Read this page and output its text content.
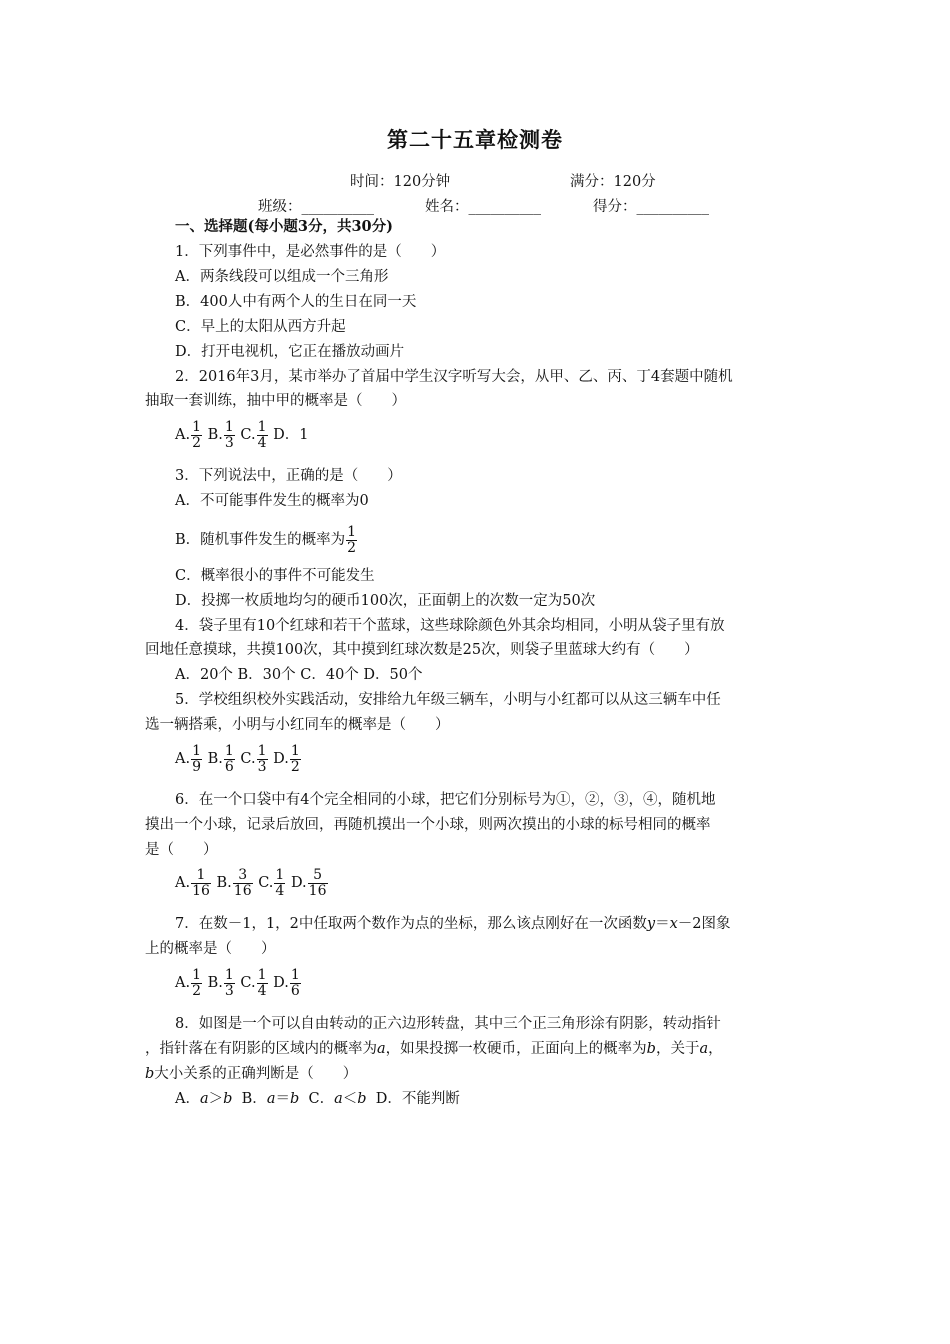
第二十五章检测卷
时间：120分钟	满分：120分
班级：__________	姓名：__________	得分：__________
一、选择题(每小题3分，共30分)
1．下列事件中，是必然事件的是（　　）
A．两条线段可以组成一个三角形
B．400人中有两个人的生日在同一天
C．早上的太阳从西方升起
D．打开电视机，它正在播放动画片
2．2016年3月，某市举办了首届中学生汉字听写大会，从甲、乙、丙、丁4套题中随机
抽取一套训练，抽中甲的概率是（　　）
A. $\frac{1}{2} B$. $\frac{1}{3} C$. $\frac{1}{4}$ D．1
3．下列说法中，正确的是（　　）
A．不可能事件发生的概率为0
B．随机事件发生的概率为 $\frac{1}{2}$
C．概率很小的事件不可能发生
D．投掷一枚质地均匀的硬币100次，正面朝上的次数一定为50次
4．袋子里有10个红球和若干个蓝球，这些球除颜色外其余均相同，小明从袋子里有放
回地任意摸球，共摸100次，其中摸到红球次数是25次，则袋子里蓝球大约有（　　）
A．20个 B．30个 C．40个 D．50个
5．学校组织校外实践活动，安排给九年级三辆车，小明与小红都可以从这三辆车中任
选一辆搭乘，小明与小红同车的概率是（　　）
A. $\frac{1}{9} B$. $\frac{1}{6} C$. $\frac{1}{3} D$. $\frac{1}{2}$
6．在一个口袋中有4个完全相同的小球，把它们分别标号为①，②，③，④，随机地
摸出一个小球，记录后放回，再随机摸出一个小球，则两次摸出的小球的标号相同的概率
是（　　）
A. $\frac{1}{16} B$. $\frac{3}{16} C$. $\frac{1}{4} D$. $\frac{5}{16}$
7．在数－1，1，2中任取两个数作为点的坐标，那么该点刚好在一次函数y＝x－2图象
上的概率是（　　）
A. $\frac{1}{2} B$. $\frac{1}{3} C$. $\frac{1}{4} D$. $\frac{1}{6}$
8．如图是一个可以自由转动的正六边形转盘，其中三个正三角形涂有阴影，转动指针
，指针落在有阴影的区域内的概率为a，如果投掷一枚硬币，正面向上的概率为b，关于a，
b大小关系的正确判断是（　　）
A．a＞b  B．a＝b  C．a＜b  D．不能判断
